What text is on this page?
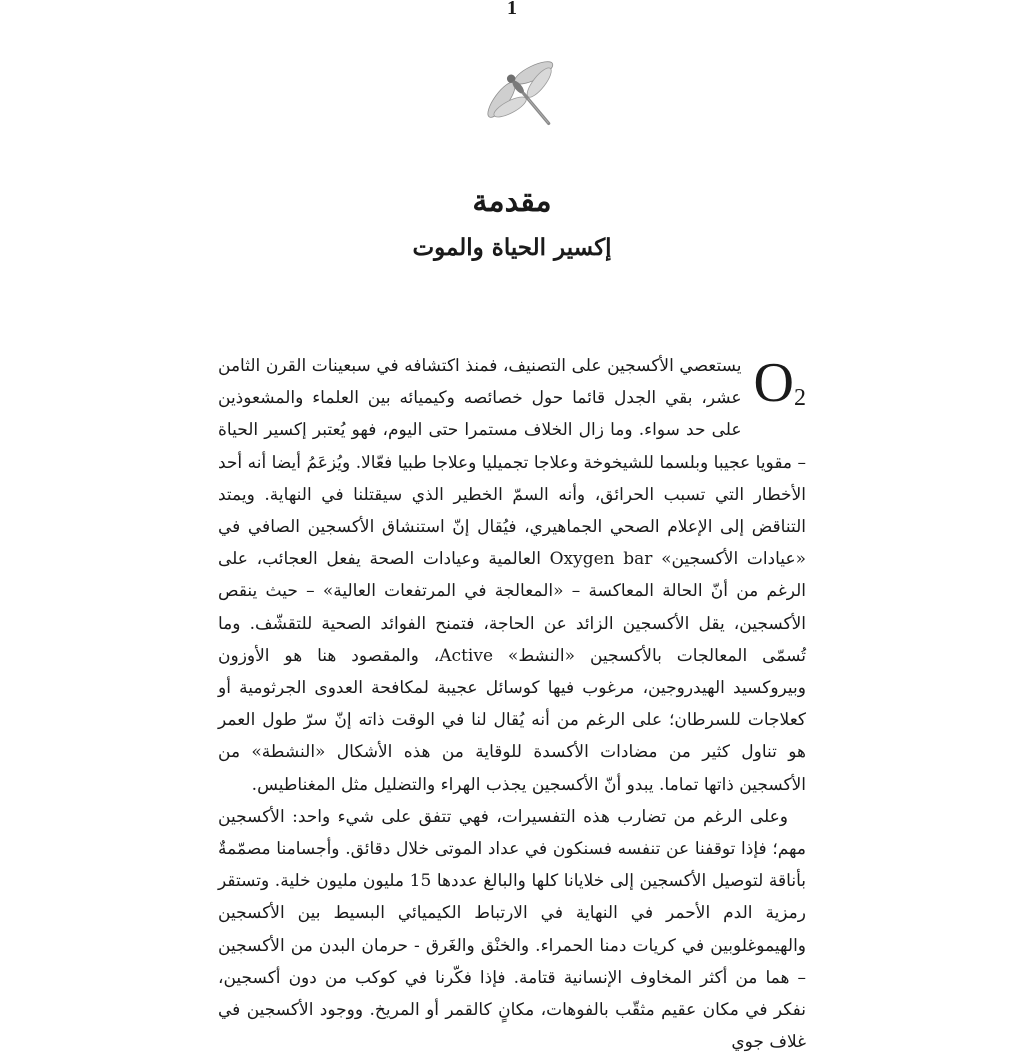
1
مقدمة
إكسير الحياة والموت

$O_2$
يستعصي الأكسجين على التصنيف، فمنذ اكتشافه في سبعينات القرن الثامن عشر، بقي الجدل قائما حول خصائصه وكيميائه بين العلماء والمشعوذين على حد سواء. وما زال الخلاف مستمرا حتى اليوم، فهو يُعتبر إكسير الحياة – مقويا عجيبا وبلسما للشيخوخة وعلاجا تجميليا وعلاجا طبيا فعّالا. ويُزعَمُ أيضا أنه أحد الأخطار التي تسبب الحرائق، وأنه السمّ الخطير الذي سيقتلنا في النهاية. ويمتد التناقض إلى الإعلام الصحي الجماهيري، فيُقال إنّ استنشاق الأكسجين الصافي في «عيادات الأكسجين» Oxygen bar العالمية وعيادات الصحة يفعل العجائب، على الرغم من أنّ الحالة المعاكسة – «المعالجة في المرتفعات العالية» – حيث ينقص الأكسجين، يقل الأكسجين الزائد عن الحاجة، فتمنح الفوائد الصحية للتقشّف. وما تُسمّى المعالجات بالأكسجين «النشط» Active، والمقصود هنا هو الأوزون وبيروكسيد الهيدروجين، مرغوب فيها كوسائل عجيبة لمكافحة العدوى الجرثومية أو كعلاجات للسرطان؛ على الرغم من أنه يُقال لنا في الوقت ذاته إنّ سرّ طول العمر هو تناول كثير من مضادات الأكسدة للوقاية من هذه الأشكال «النشطة» من الأكسجين ذاتها تماما. يبدو أنّ الأكسجين يجذب الهراء والتضليل مثل المغناطيس.

وعلى الرغم من تضارب هذه التفسيرات، فهي تتفق على شيء واحد: الأكسجين مهم؛ فإذا توقفنا عن تنفسه فسنكون في عداد الموتى خلال دقائق. وأجسامنا مصمّمةٌ بأناقة لتوصيل الأكسجين إلى خلايانا كلها والبالغ عددها 15 مليون مليون خلية. وتستقر رمزية الدم الأحمر في النهاية في الارتباط الكيميائي البسيط بين الأكسجين والهيموغلوبين في كريات دمنا الحمراء. والخنْق والغَرق - حرمان البدن من الأكسجين – هما من أكثر المخاوف الإنسانية قتامة. فإذا فكّرنا في كوكب من دون أكسجين، نفكر في مكان عقيم مثقّب بالفوهات، مكانٍ كالقمر أو المريخ. ووجود الأكسجين في غلاف جوي
